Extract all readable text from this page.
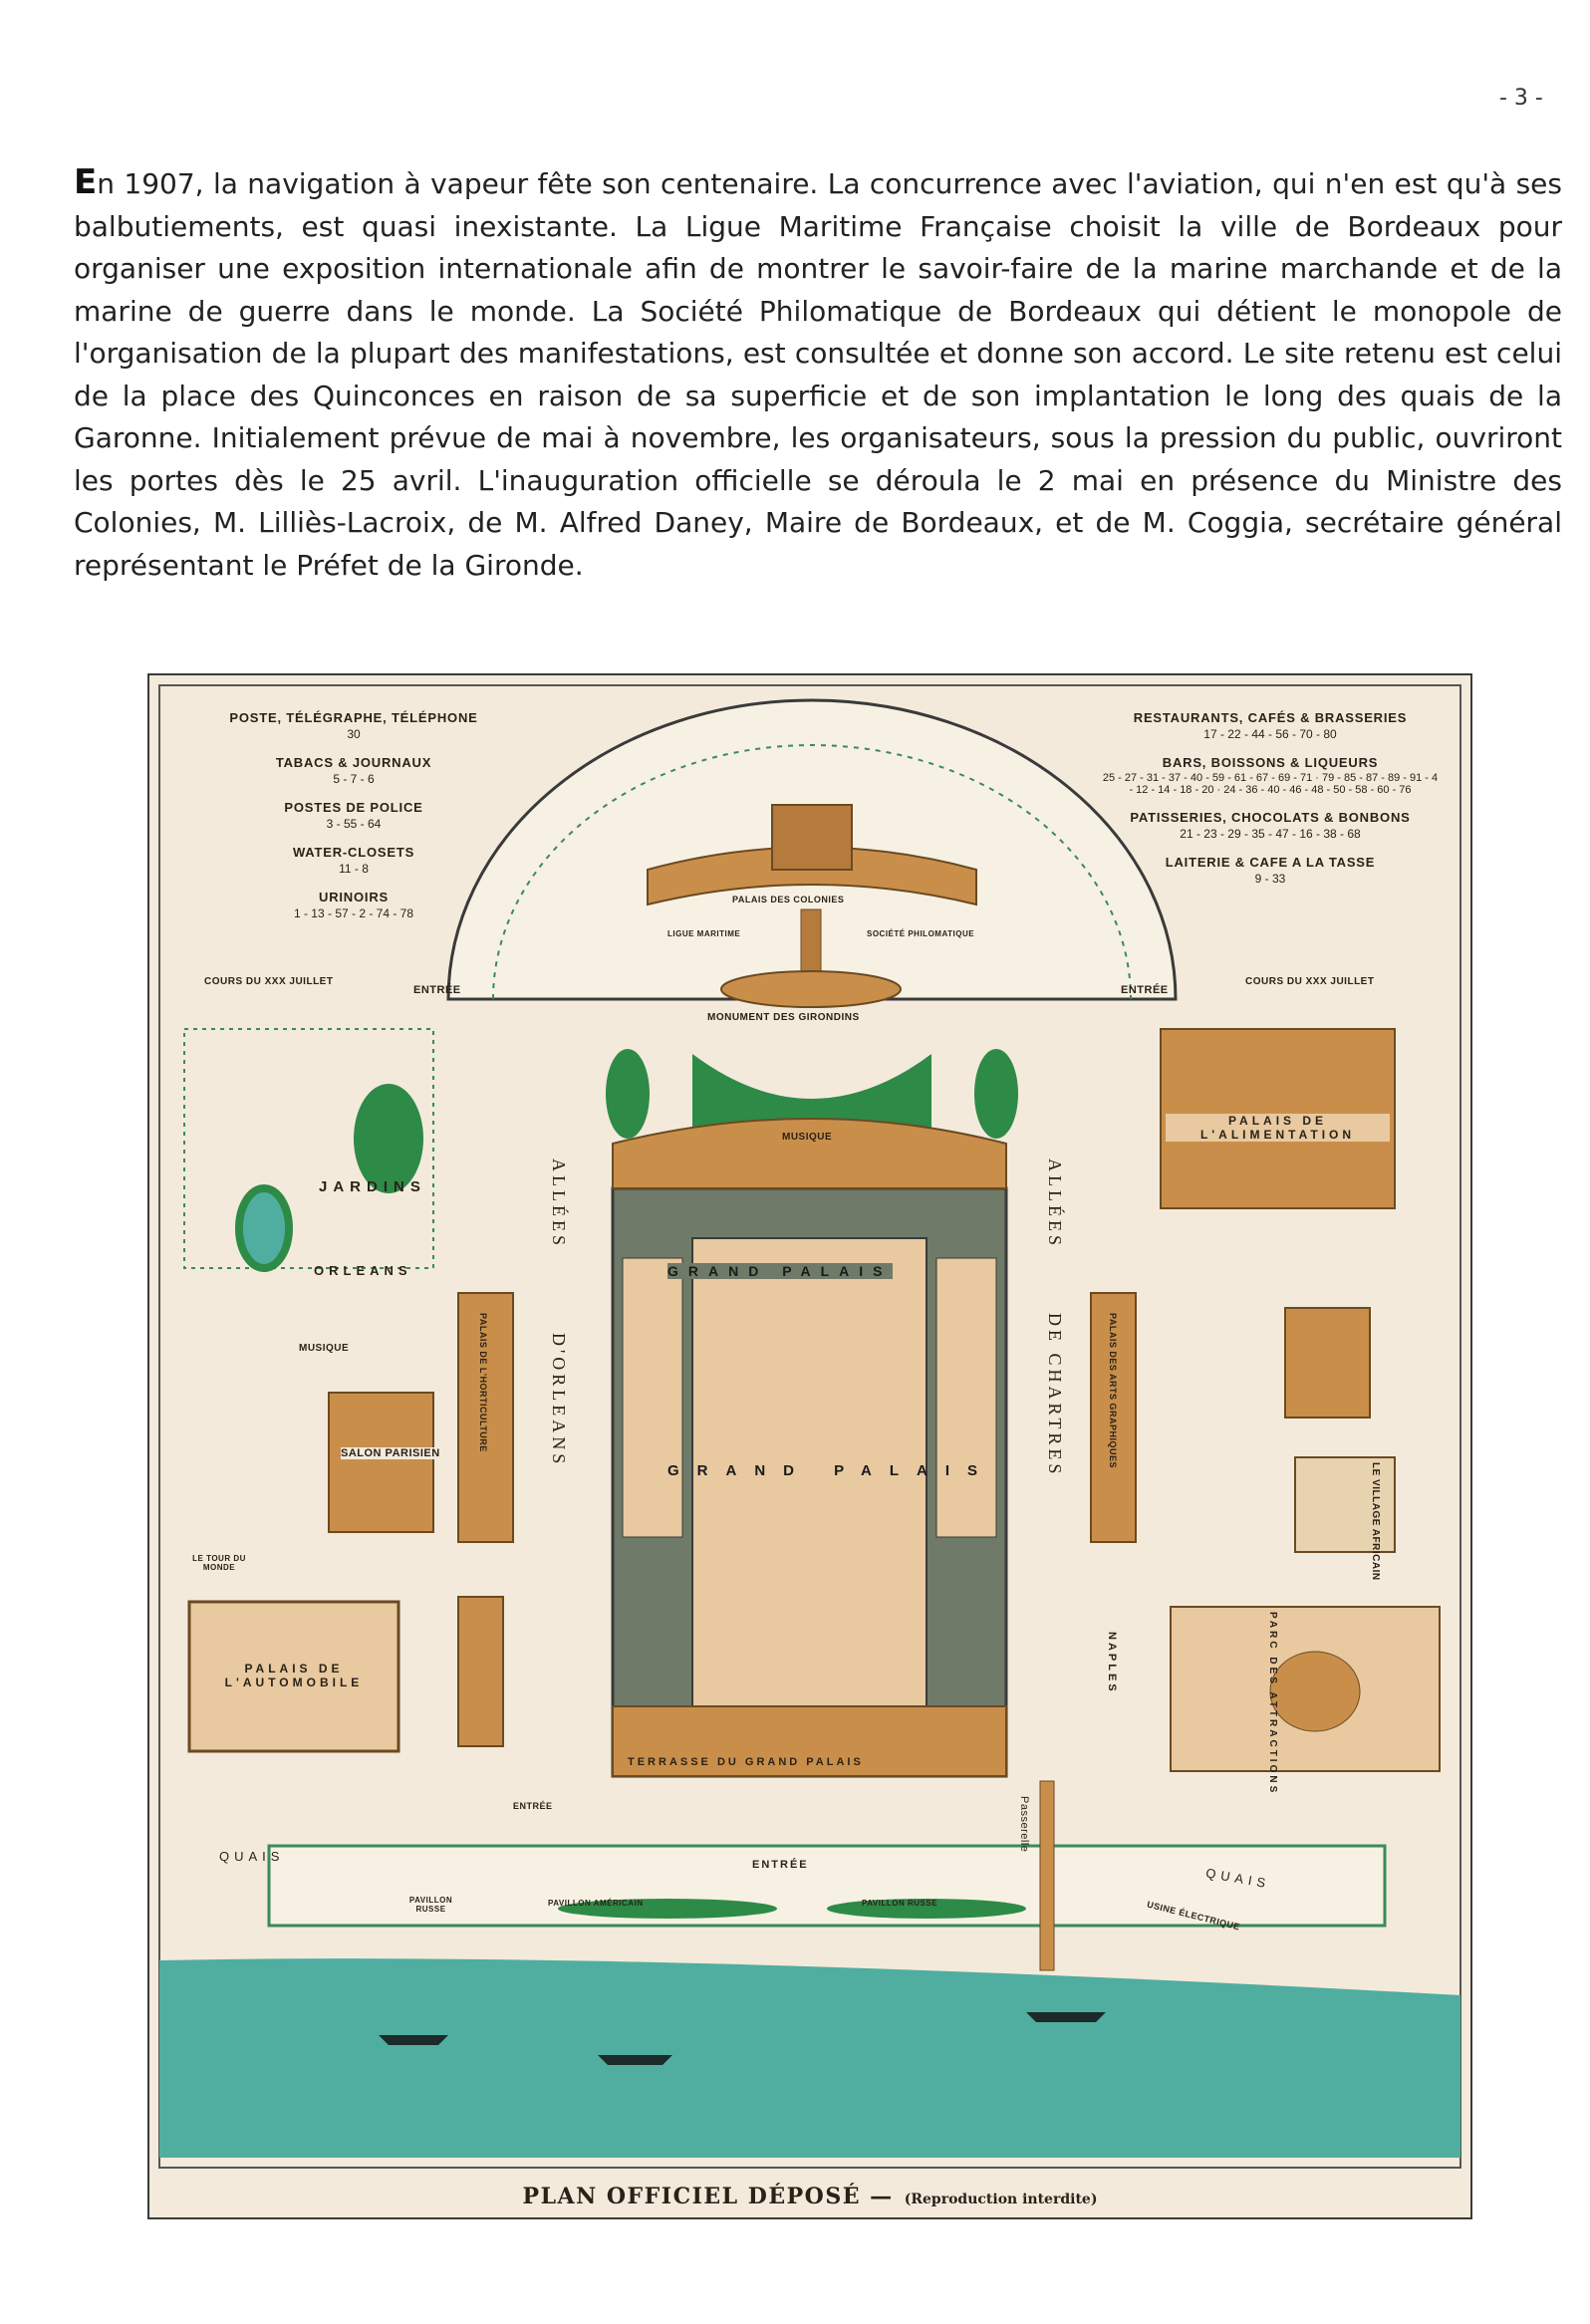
- 3 -

En 1907, la navigation à vapeur fête son centenaire. La concurrence avec l'aviation, qui n'en est qu'à ses balbutiements, est quasi inexistante. La Ligue Maritime Française choisit la ville de Bordeaux pour organiser une exposition internationale afin de montrer le savoir-faire de la marine marchande et de la marine de guerre dans le monde. La Société Philomatique de Bordeaux qui détient le monopole de l'organisation de la plupart des manifestations, est consultée et donne son accord. Le site retenu est celui de la place des Quinconces en raison de sa superficie et de son implantation le long des quais de la Garonne. Initialement prévue de mai à novembre, les organisateurs, sous la pression du public, ouvriront les portes dès le 25 avril. L'inauguration officielle se déroula le 2 mai en présence du Ministre des Colonies, M. Lilliès-Lacroix, de M. Alfred Daney, Maire de Bordeaux, et de M. Coggia, secrétaire général représentant le Préfet de la Gironde.

POSTE, TÉLÉGRAPHE, TÉLÉPHONE
30
TABACS & JOURNAUX
5 - 7 - 6
POSTES DE POLICE
3 - 55 - 64
WATER-CLOSETS
11 - 8
URINOIRS
1 - 13 - 57 - 2 - 74 - 78
RESTAURANTS, CAFÉS & BRASSERIES
17 - 22 - 44 - 56 - 70 - 80
BARS, BOISSONS & LIQUEURS
25 - 27 - 31 - 37 - 40 - 59 - 61 - 67 - 69 - 71 · 79 - 85 - 87 - 89 - 91 - 4 - 12 - 14 - 18 - 20 · 24 - 36 - 40 - 46 - 48 - 50 - 58 - 60 - 76
PATISSERIES, CHOCOLATS & BONBONS
21 - 23 - 29 - 35 - 47 - 16 - 38 - 68
LAITERIE & CAFE A LA TASSE
9 - 33
COURS DU XXX JUILLET
ENTRÉE
COURS DU XXX JUILLET
ENTRÉE
PALAIS DES COLONIES
LIGUE MARITIME	SOCIÉTÉ PHILOMATIQUE
MONUMENT DES GIRONDINS
MUSIQUE
JARDINS
ORLEANS
MUSIQUE
SALON PARISIEN
PALAIS DE L'HORTICULTURE
ALLÉES
D'ORLEANS
ALLÉES
DE CHARTRES
GRAND PALAIS
GRAND PALAIS
PALAIS DE L'ALIMENTATION
PALAIS DES ARTS GRAPHIQUES
LE VILLAGE AFRICAIN
LE TOUR DU MONDE
PALAIS DE L'AUTOMOBILE	NAPLES	PARC DES ATTRACTIONS
TERRASSE DU GRAND PALAIS
ENTRÉE
ENTRÉE
QUAIS
QUAIS
Passerelle
PAVILLON RUSSE
PAVILLON AMÉRICAIN	PAVILLON RUSSE	USINE ÉLECTRIQUE
PLAN OFFICIEL DÉPOSÉ — (Reproduction interdite)
